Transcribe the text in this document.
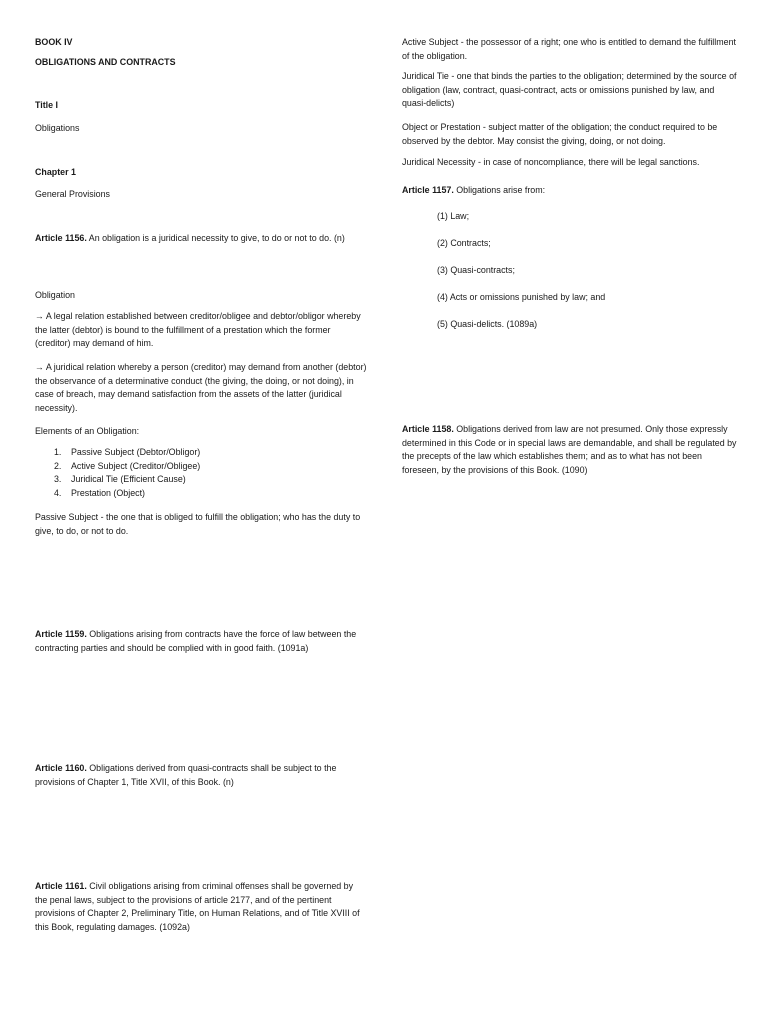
BOOK IV

OBLIGATIONS AND CONTRACTS

Title I

Obligations

Chapter 1

General Provisions

Article 1156. An obligation is a juridical necessity to give, to do or not to do. (n)

Obligation

→ A legal relation established between creditor/obligee and debtor/obligor whereby the latter (debtor) is bound to the fulfillment of a prestation which the former (creditor) may demand of him.

→ A juridical relation whereby a person (creditor) may demand from another (debtor) the observance of a determinative conduct (the giving, the doing, or not doing), in case of breach, may demand satisfaction from the assets of the latter (juridical necessity).

Elements of an Obligation:

1. Passive Subject (Debtor/Obligor)
2. Active Subject (Creditor/Obligee)
3. Juridical Tie (Efficient Cause)
4. Prestation (Object)

Passive Subject - the one that is obliged to fulfill the obligation; who has the duty to give, to do, or not to do.

Article 1159. Obligations arising from contracts have the force of law between the contracting parties and should be complied with in good faith. (1091a)

Article 1160. Obligations derived from quasi-contracts shall be subject to the provisions of Chapter 1, Title XVII, of this Book. (n)

Article 1161. Civil obligations arising from criminal offenses shall be governed by the penal laws, subject to the provisions of article 2177, and of the pertinent provisions of Chapter 2, Preliminary Title, on Human Relations, and of Title XVIII of this Book, regulating damages. (1092a)

Active Subject - the possessor of a right; one who is entitled to demand the fulfillment of the obligation.

Juridical Tie - one that binds the parties to the obligation; determined by the source of obligation (law, contract, quasi-contract, acts or omissions punished by law, and quasi-delicts)

Object or Prestation - subject matter of the obligation; the conduct required to be observed by the debtor. May consist the giving, doing, or not doing.

Juridical Necessity - in case of noncompliance, there will be legal sanctions.

Article 1157. Obligations arise from:

(1) Law;
(2) Contracts;
(3) Quasi-contracts;
(4) Acts or omissions punished by law; and
(5) Quasi-delicts. (1089a)

Article 1158. Obligations derived from law are not presumed. Only those expressly determined in this Code or in special laws are demandable, and shall be regulated by the precepts of the law which establishes them; and as to what has not been foreseen, by the provisions of this Book. (1090)
